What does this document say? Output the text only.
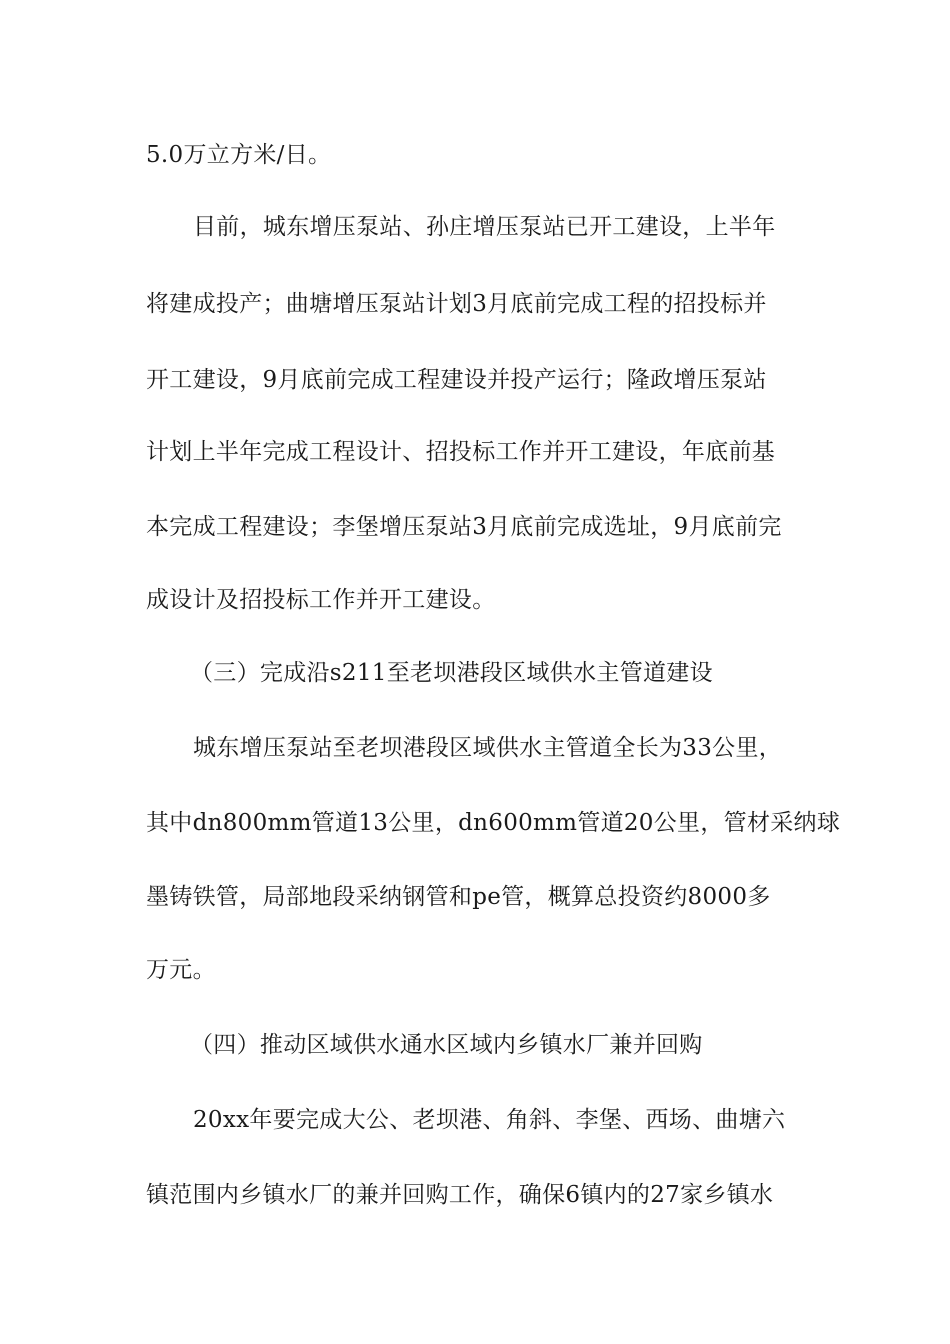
5.0万立方米/日。
目前，城东增压泵站、孙庄增压泵站已开工建设，上半年
将建成投产；曲塘增压泵站计划3月底前完成工程的招投标并
开工建设，9月底前完成工程建设并投产运行；隆政增压泵站
计划上半年完成工程设计、招投标工作并开工建设，年底前基
本完成工程建设；李堡增压泵站3月底前完成选址，9月底前完
成设计及招投标工作并开工建设。
（三）完成沿s211至老坝港段区域供水主管道建设
城东增压泵站至老坝港段区域供水主管道全长为33公里，
其中dn800mm管道13公里，dn600mm管道20公里，管材采纳球
墨铸铁管，局部地段采纳钢管和pe管，概算总投资约8000多
万元。
（四）推动区域供水通水区域内乡镇水厂兼并回购
20xx年要完成大公、老坝港、角斜、李堡、西场、曲塘六
镇范围内乡镇水厂的兼并回购工作，确保6镇内的27家乡镇水
